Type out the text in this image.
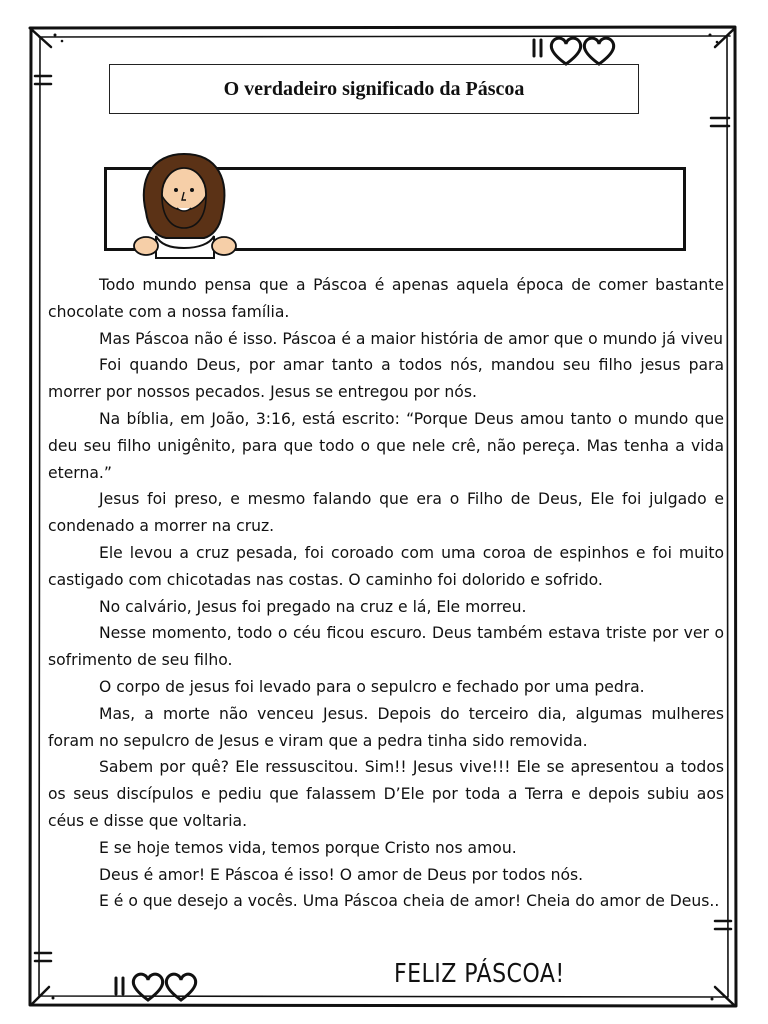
O verdadeiro significado da Páscoa

Todo mundo pensa que a Páscoa é apenas aquela época de comer bastante chocolate com a nossa família.

Mas Páscoa não é isso. Páscoa é a maior história de amor que o mundo já viveu

Foi quando Deus, por amar tanto a todos nós, mandou seu filho jesus para morrer por nossos pecados. Jesus se entregou por nós.

Na bíblia, em João, 3:16, está escrito: “Porque Deus amou tanto o mundo que deu seu filho unigênito, para que todo o que nele crê, não pereça. Mas tenha a vida eterna.”

Jesus foi preso, e mesmo falando que era o Filho de Deus, Ele foi julgado e condenado a morrer na cruz.

Ele levou a cruz pesada, foi coroado com uma coroa de espinhos e foi muito castigado com chicotadas nas costas. O caminho foi dolorido e sofrido.

No calvário, Jesus foi pregado na cruz e lá, Ele morreu.

Nesse momento, todo o céu ficou escuro. Deus também estava triste por ver o sofrimento de seu filho.

O corpo de jesus foi levado para o sepulcro e fechado por uma pedra.

Mas, a morte não venceu Jesus. Depois do terceiro dia, algumas mulheres foram no sepulcro de Jesus e viram que a pedra tinha sido removida.

Sabem por quê? Ele ressuscitou. Sim!! Jesus vive!!! Ele se apresentou a todos os seus discípulos e pediu que falassem D’Ele por toda a Terra e depois subiu aos céus e disse que voltaria.

E se hoje temos vida, temos porque Cristo nos amou.

Deus é amor! E Páscoa é isso! O amor de Deus por todos nós.

E é o que desejo a vocês. Uma Páscoa cheia de amor! Cheia do amor de Deus..

FELIZ PÁSCOA!
